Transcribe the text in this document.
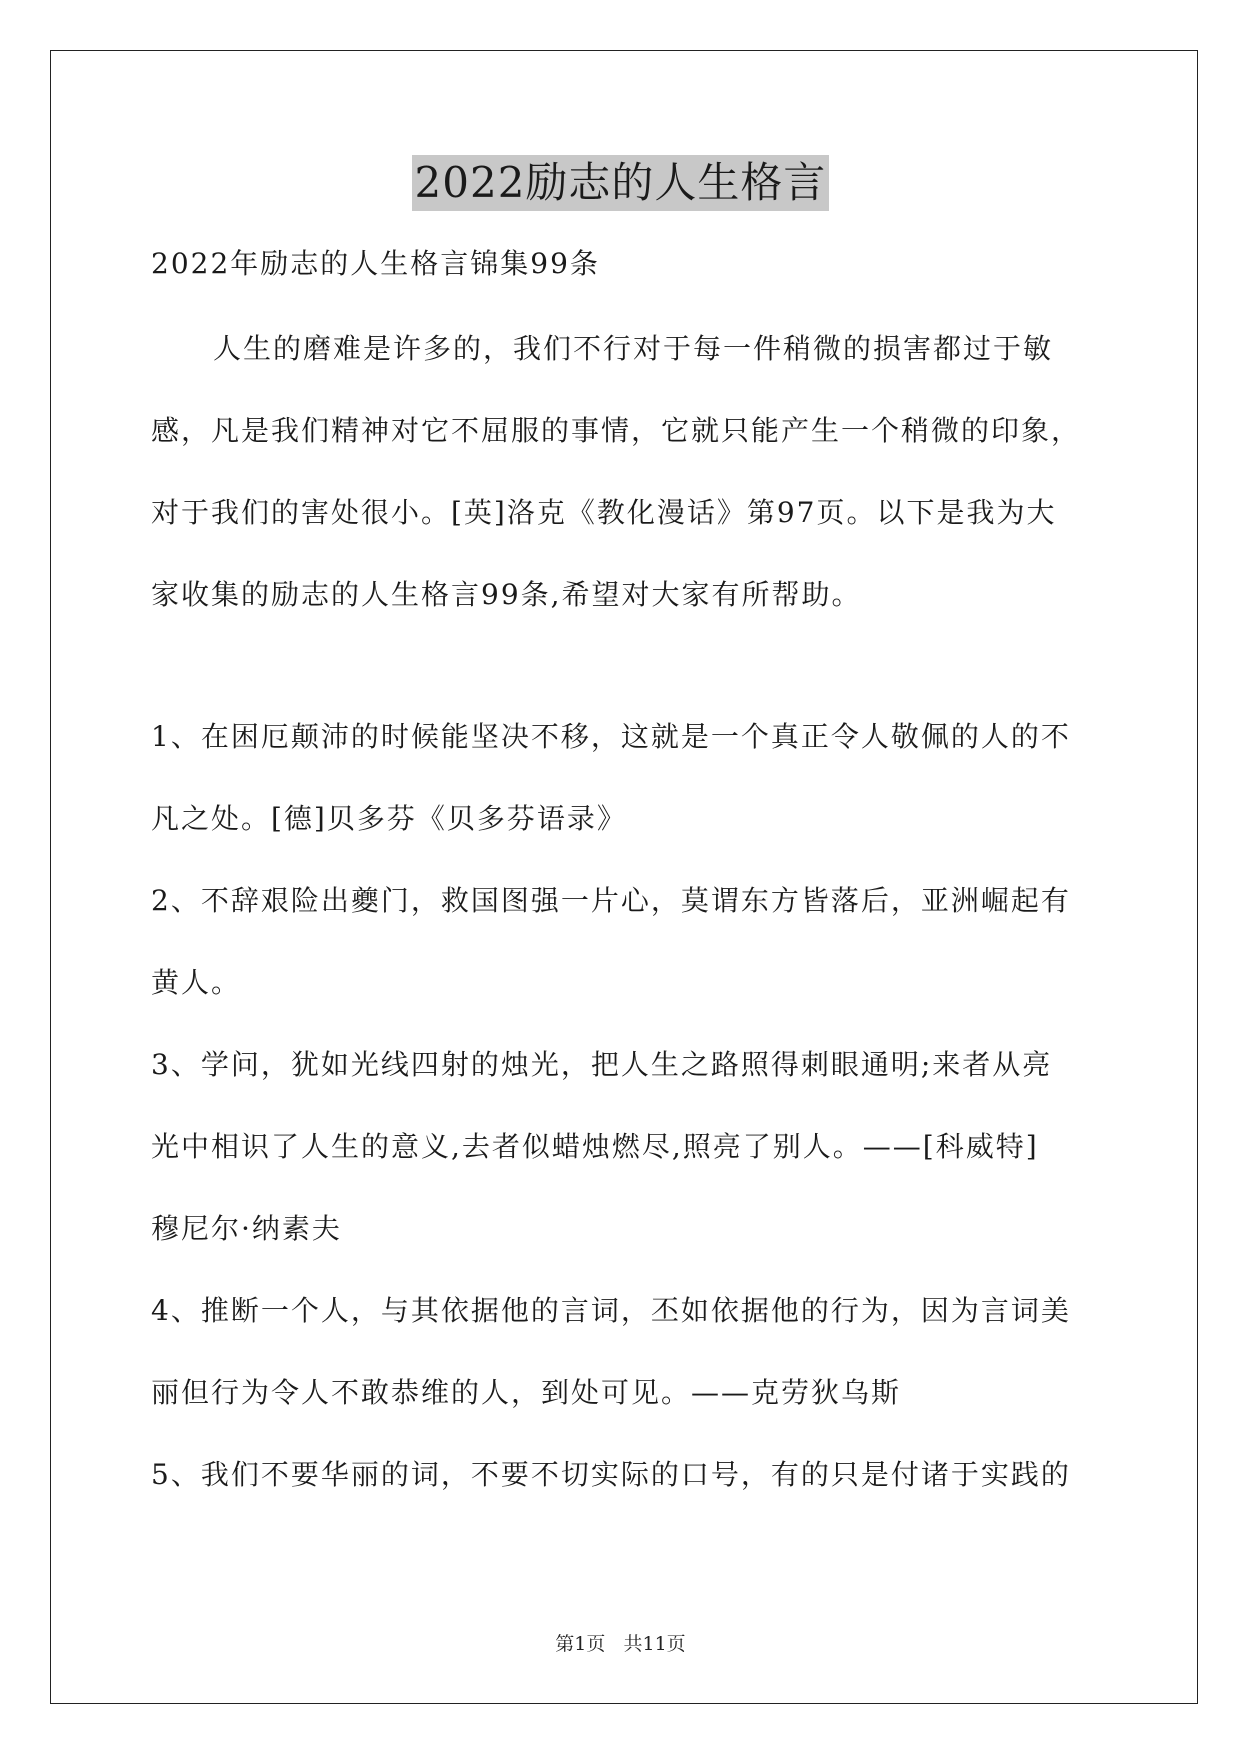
2022励志的人生格言
2022年励志的人生格言锦集99条
人生的磨难是许多的，我们不行对于每一件稍微的损害都过于敏
感，凡是我们精神对它不屈服的事情，它就只能产生一个稍微的印象，
对于我们的害处很小。[英]洛克《教化漫话》第97页。以下是我为大
家收集的励志的人生格言99条,希望对大家有所帮助。
1、在困厄颠沛的时候能坚决不移，这就是一个真正令人敬佩的人的不
凡之处。[德]贝多芬《贝多芬语录》
2、不辞艰险出夔门，救国图强一片心，莫谓东方皆落后，亚洲崛起有
黄人。
3、学问，犹如光线四射的烛光，把人生之路照得刺眼通明;来者从亮
光中相识了人生的意义,去者似蜡烛燃尽,照亮了别人。——[科威特]
穆尼尔·纳素夫
4、推断一个人，与其依据他的言词，丕如依据他的行为，因为言词美
丽但行为令人不敢恭维的人，到处可见。——克劳狄乌斯
5、我们不要华丽的词，不要不切实际的口号，有的只是付诸于实践的
第1页   共11页
